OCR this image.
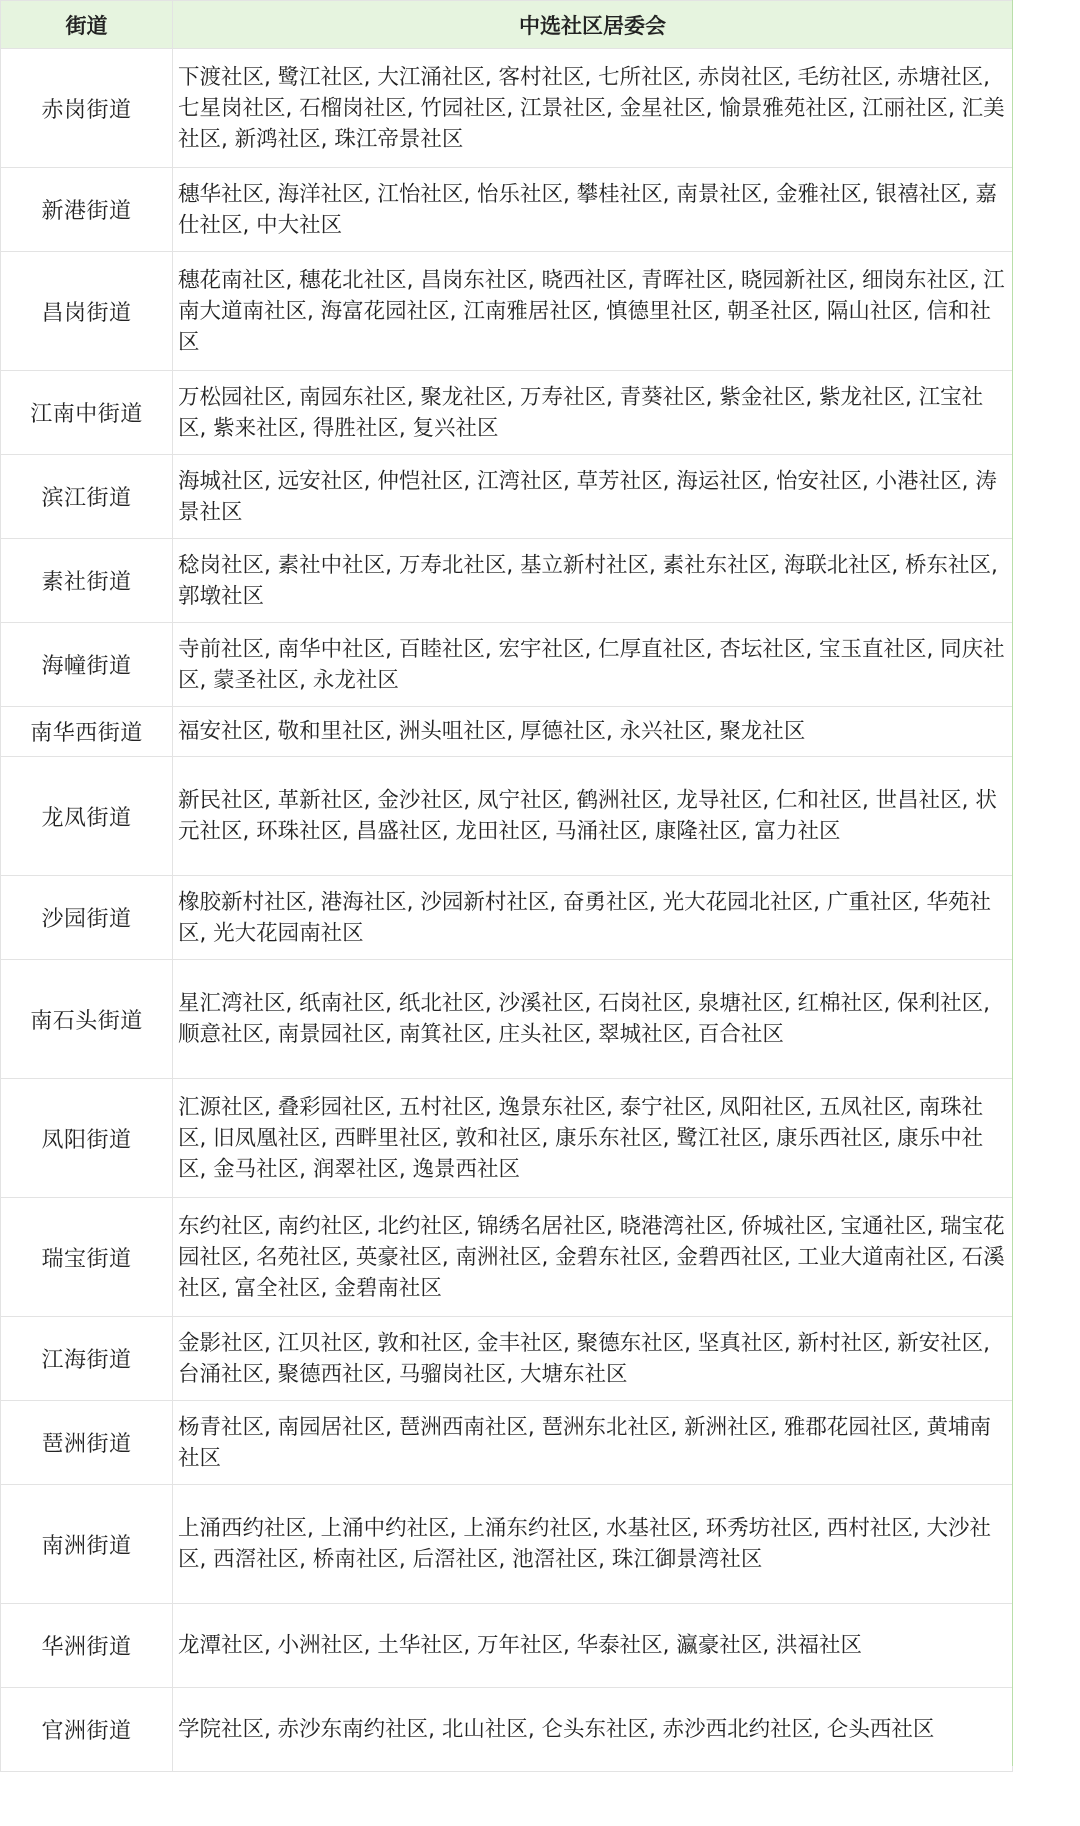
街道	中选社区居委会
赤岗街道	下渡社区, 鹭江社区, 大江涌社区, 客村社区, 七所社区, 赤岗社区, 毛纺社区, 赤塘社区, 七星岗社区, 石榴岗社区, 竹园社区, 江景社区, 金星社区, 愉景雅苑社区, 江丽社区, 汇美社区, 新鸿社区, 珠江帝景社区
新港街道	穗华社区, 海洋社区, 江怡社区, 怡乐社区, 攀桂社区, 南景社区, 金雅社区, 银禧社区, 嘉仕社区, 中大社区
昌岗街道	穗花南社区, 穗花北社区, 昌岗东社区, 晓西社区, 青晖社区, 晓园新社区, 细岗东社区, 江南大道南社区, 海富花园社区, 江南雅居社区, 慎德里社区, 朝圣社区, 隔山社区, 信和社区
江南中街道	万松园社区, 南园东社区, 聚龙社区, 万寿社区, 青葵社区, 紫金社区, 紫龙社区, 江宝社区, 紫来社区, 得胜社区, 复兴社区
滨江街道	海城社区, 远安社区, 仲恺社区, 江湾社区, 草芳社区, 海运社区, 怡安社区, 小港社区, 涛景社区
素社街道	稔岗社区, 素社中社区, 万寿北社区, 基立新村社区, 素社东社区, 海联北社区, 桥东社区, 郭墩社区
海幢街道	寺前社区, 南华中社区, 百睦社区, 宏宇社区, 仁厚直社区, 杏坛社区, 宝玉直社区, 同庆社区, 蒙圣社区, 永龙社区
南华西街道	福安社区, 敬和里社区, 洲头咀社区, 厚德社区, 永兴社区, 聚龙社区
龙凤街道	新民社区, 革新社区, 金沙社区, 凤宁社区, 鹤洲社区, 龙导社区, 仁和社区, 世昌社区, 状元社区, 环珠社区, 昌盛社区, 龙田社区, 马涌社区, 康隆社区, 富力社区
沙园街道	橡胶新村社区, 港海社区, 沙园新村社区, 奋勇社区, 光大花园北社区, 广重社区, 华苑社区, 光大花园南社区
南石头街道	星汇湾社区, 纸南社区, 纸北社区, 沙溪社区, 石岗社区, 泉塘社区, 红棉社区, 保利社区, 顺意社区, 南景园社区, 南箕社区, 庄头社区, 翠城社区, 百合社区
凤阳街道	汇源社区, 叠彩园社区, 五村社区, 逸景东社区, 泰宁社区, 凤阳社区, 五凤社区, 南珠社区, 旧凤凰社区, 西畔里社区, 敦和社区, 康乐东社区, 鹭江社区, 康乐西社区, 康乐中社区, 金马社区, 润翠社区, 逸景西社区
瑞宝街道	东约社区, 南约社区, 北约社区, 锦绣名居社区, 晓港湾社区, 侨城社区, 宝通社区, 瑞宝花园社区, 名苑社区, 英豪社区, 南洲社区, 金碧东社区, 金碧西社区, 工业大道南社区, 石溪社区, 富全社区, 金碧南社区
江海街道	金影社区, 江贝社区, 敦和社区, 金丰社区, 聚德东社区, 坚真社区, 新村社区, 新安社区, 台涌社区, 聚德西社区, 马骝岗社区, 大塘东社区
琶洲街道	杨青社区, 南园居社区, 琶洲西南社区, 琶洲东北社区, 新洲社区, 雅郡花园社区, 黄埔南社区
南洲街道	上涌西约社区, 上涌中约社区, 上涌东约社区, 水基社区, 环秀坊社区, 西村社区, 大沙社区, 西滘社区, 桥南社区, 后滘社区, 池滘社区, 珠江御景湾社区
华洲街道	龙潭社区, 小洲社区, 土华社区, 万年社区, 华泰社区, 瀛豪社区, 洪福社区
官洲街道	学院社区, 赤沙东南约社区, 北山社区, 仑头东社区, 赤沙西北约社区, 仑头西社区
